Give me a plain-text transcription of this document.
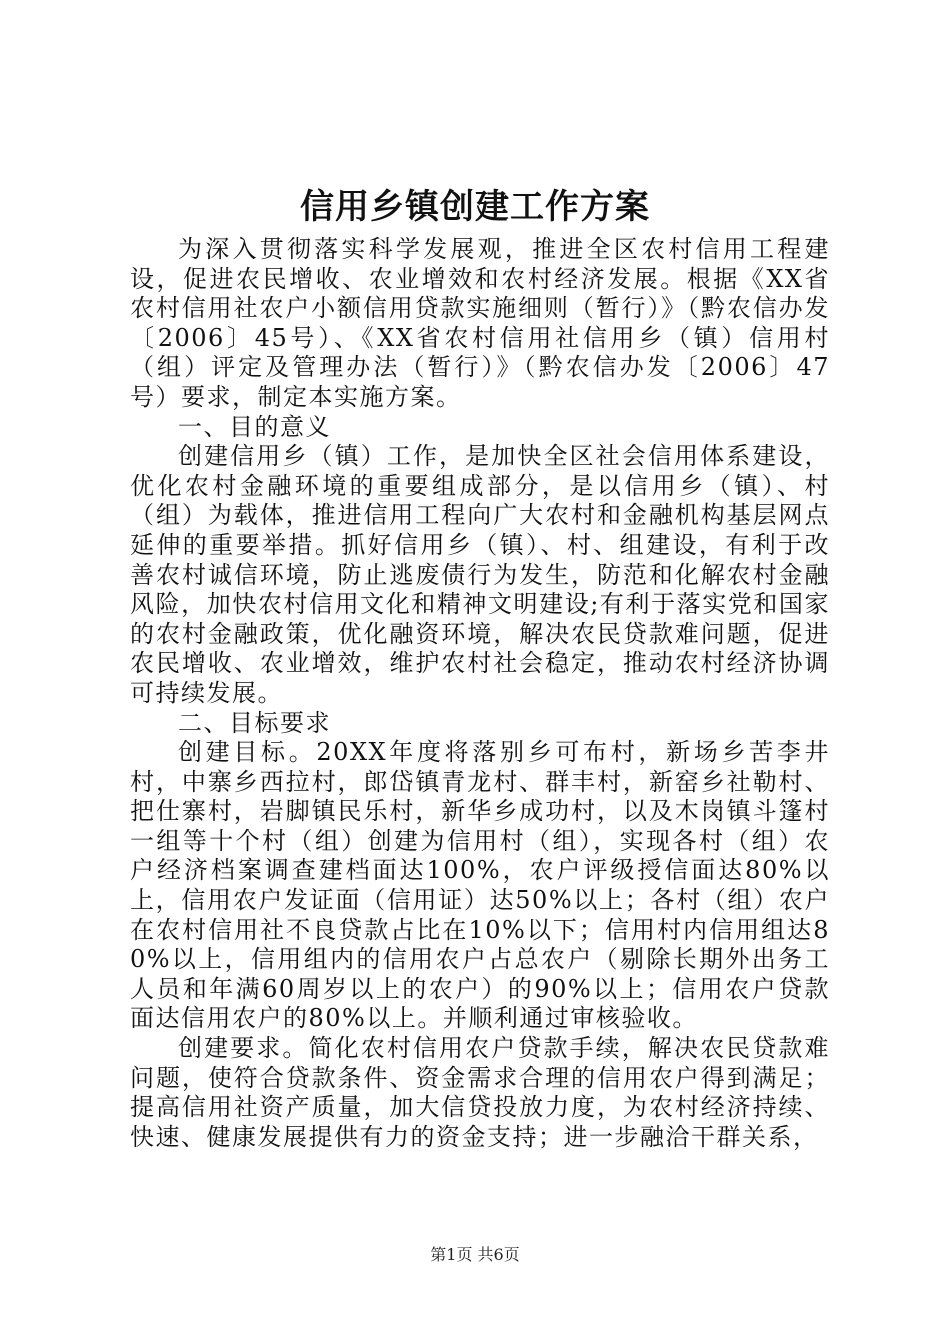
信用乡镇创建工作方案

为深入贯彻落实科学发展观，推进全区农村信用工程建设，促进农民增收、农业增效和农村经济发展。根据《XX省农村信用社农户小额信用贷款实施细则（暂行）》（黔农信办发〔2006〕45号）、《XX省农村信用社信用乡（镇）信用村（组）评定及管理办法（暂行）》（黔农信办发〔2006〕47号）要求，制定本实施方案。

一、目的意义

创建信用乡（镇）工作，是加快全区社会信用体系建设，优化农村金融环境的重要组成部分，是以信用乡（镇）、村（组）为载体，推进信用工程向广大农村和金融机构基层网点延伸的重要举措。抓好信用乡（镇）、村、组建设，有利于改善农村诚信环境，防止逃废债行为发生，防范和化解农村金融风险，加快农村信用文化和精神文明建设;有利于落实党和国家的农村金融政策，优化融资环境，解决农民贷款难问题，促进农民增收、农业增效，维护农村社会稳定，推动农村经济协调可持续发展。

二、目标要求

创建目标。20XX年度将落别乡可布村，新场乡苦李井村，中寨乡西拉村，郎岱镇青龙村、群丰村，新窑乡社勒村、把仕寨村，岩脚镇民乐村，新华乡成功村，以及木岗镇斗篷村一组等十个村（组）创建为信用村（组），实现各村（组）农户经济档案调查建档面达100%，农户评级授信面达80%以上，信用农户发证面（信用证）达50%以上；各村（组）农户在农村信用社不良贷款占比在10%以下；信用村内信用组达80%以上，信用组内的信用农户占总农户（剔除长期外出务工人员和年满60周岁以上的农户）的90%以上；信用农户贷款面达信用农户的80%以上。并顺利通过审核验收。

创建要求。简化农村信用农户贷款手续，解决农民贷款难问题，使符合贷款条件、资金需求合理的信用农户得到满足；提高信用社资产质量，加大信贷投放力度，为农村经济持续、快速、健康发展提供有力的资金支持；进一步融洽干群关系，

第1页 共6页
